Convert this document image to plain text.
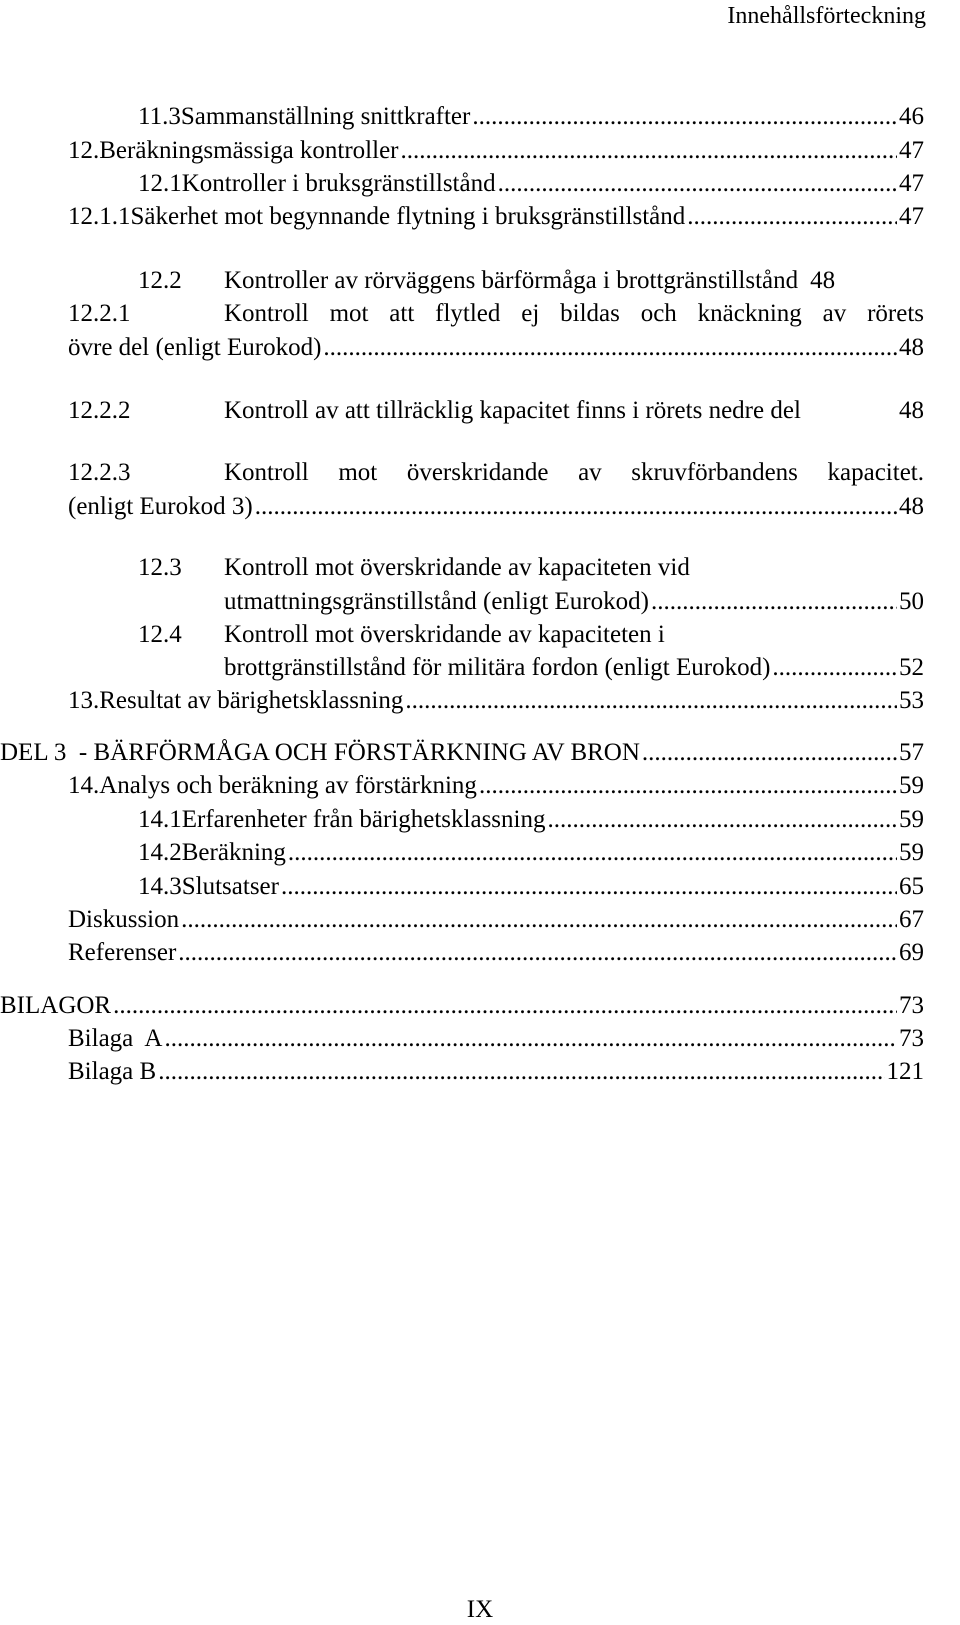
Innehållsförteckning
11.3 Sammanställning snittkrafter .....	46
12. Beräkningsmässiga kontroller .....	47
12.1 Kontroller i bruksgränstillstånd .....	47
12.1.1 Säkerhet mot begynnande flytning i bruksgränstillstånd .....	47
12.2	Kontroller av rörväggens bärförmåga i brottgränstillstånd 48
12.2.1	Kontroll mot att flytled ej bildas och knäckning av rörets
övre del (enligt Eurokod) .....	48
12.2.2	Kontroll av att tillräcklig kapacitet finns i rörets nedre del	48
12.2.3	Kontroll mot överskridande av skruvförbandens kapacitet.
(enligt Eurokod 3) .....	48
12.3	Kontroll mot överskridande av kapaciteten vid
utmattningsgränstillstånd (enligt Eurokod) .....	50
12.4	Kontroll mot överskridande av kapaciteten i
brottgränstillstånd för militära fordon (enligt Eurokod) .....	52
13. Resultat av bärighetsklassning .....	53
DEL 3  - BÄRFÖRMÅGA OCH FÖRSTÄRKNING AV BRON .....	57
14. Analys och beräkning av förstärkning .....	59
14.1 Erfarenheter från bärighetsklassning .....	59
14.2 Beräkning .....	59
14.3 Slutsatser .....	65
Diskussion .....	67
Referenser .....	69
BILAGOR .....	73
Bilaga  A .....	73
Bilaga B .....	121
IX
